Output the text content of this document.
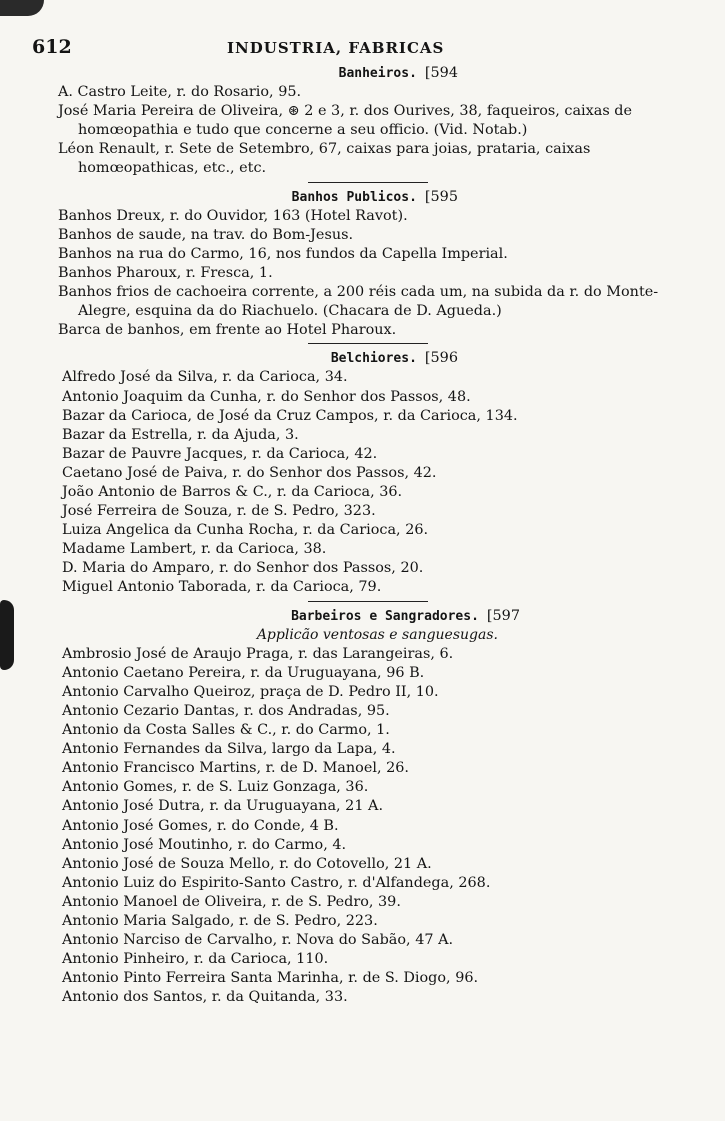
612	INDUSTRIA, FABRICAS
Banheiros. [594
A. Castro Leite, r. do Rosario, 95.
José Maria Pereira de Oliveira, ⊛ 2 e 3, r. dos Ourives, 38, faqueiros, caixas de homœopathia e tudo que concerne a seu officio. (Vid. Notab.)
Léon Renault, r. Sete de Setembro, 67, caixas para joias, prataria, caixas homœopathicas, etc., etc.
Banhos Publicos. [595
Banhos Dreux, r. do Ouvidor, 163 (Hotel Ravot).
Banhos de saude, na trav. do Bom-Jesus.
Banhos na rua do Carmo, 16, nos fundos da Capella Imperial.
Banhos Pharoux, r. Fresca, 1.
Banhos frios de cachoeira corrente, a 200 réis cada um, na subida da r. do Monte-Alegre, esquina da do Riachuelo. (Chacara de D. Agueda.)
Barca de banhos, em frente ao Hotel Pharoux.
Belchiores. [596
Alfredo José da Silva, r. da Carioca, 34.
Antonio Joaquim da Cunha, r. do Senhor dos Passos, 48.
Bazar da Carioca, de José da Cruz Campos, r. da Carioca, 134.
Bazar da Estrella, r. da Ajuda, 3.
Bazar de Pauvre Jacques, r. da Carioca, 42.
Caetano José de Paiva, r. do Senhor dos Passos, 42.
João Antonio de Barros & C., r. da Carioca, 36.
José Ferreira de Souza, r. de S. Pedro, 323.
Luiza Angelica da Cunha Rocha, r. da Carioca, 26.
Madame Lambert, r. da Carioca, 38.
D. Maria do Amparo, r. do Senhor dos Passos, 20.
Miguel Antonio Taborada, r. da Carioca, 79.
Barbeiros e Sangradores. [597
Applicão ventosas e sanguesugas.
Ambrosio José de Araujo Praga, r. das Larangeiras, 6.
Antonio Caetano Pereira, r. da Uruguayana, 96 B.
Antonio Carvalho Queiroz, praça de D. Pedro II, 10.
Antonio Cezario Dantas, r. dos Andradas, 95.
Antonio da Costa Salles & C., r. do Carmo, 1.
Antonio Fernandes da Silva, largo da Lapa, 4.
Antonio Francisco Martins, r. de D. Manoel, 26.
Antonio Gomes, r. de S. Luiz Gonzaga, 36.
Antonio José Dutra, r. da Uruguayana, 21 A.
Antonio José Gomes, r. do Conde, 4 B.
Antonio José Moutinho, r. do Carmo, 4.
Antonio José de Souza Mello, r. do Cotovello, 21 A.
Antonio Luiz do Espirito-Santo Castro, r. d'Alfandega, 268.
Antonio Manoel de Oliveira, r. de S. Pedro, 39.
Antonio Maria Salgado, r. de S. Pedro, 223.
Antonio Narciso de Carvalho, r. Nova do Sabão, 47 A.
Antonio Pinheiro, r. da Carioca, 110.
Antonio Pinto Ferreira Santa Marinha, r. de S. Diogo, 96.
Antonio dos Santos, r. da Quitanda, 33.
